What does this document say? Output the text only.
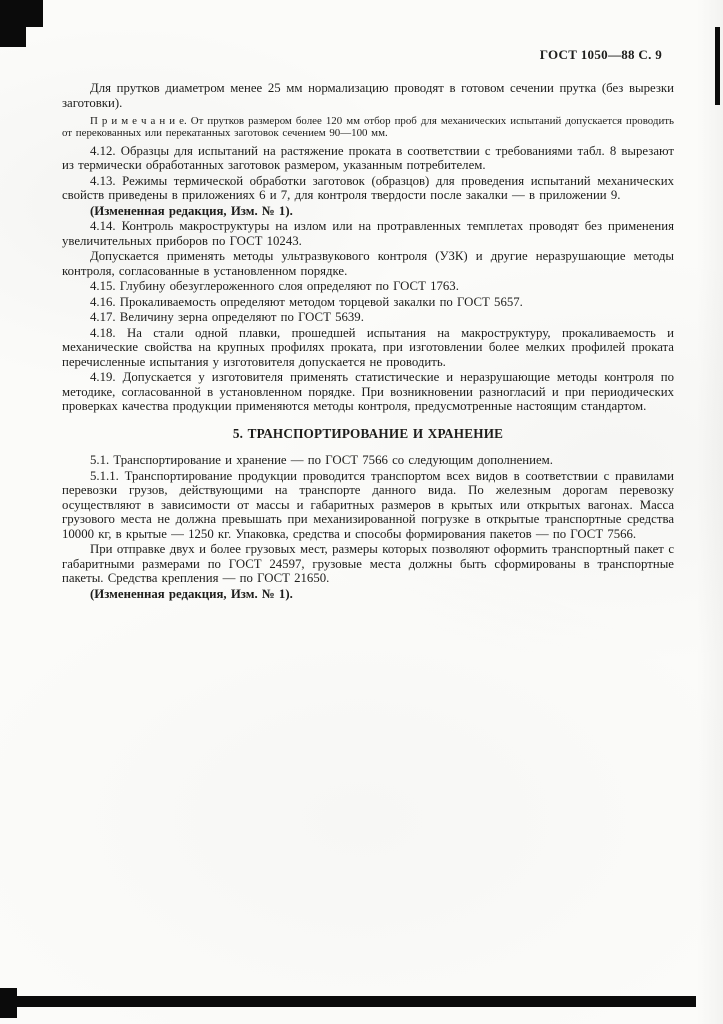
ГОСТ 1050—88 С. 9

Для прутков диаметром менее 25 мм нормализацию проводят в готовом сечении прутка (без вырезки заготовки).

П р и м е ч а н и е. От прутков размером более 120 мм отбор проб для механических испытаний допускается проводить от перекованных или перекатанных заготовок сечением 90—100 мм.

4.12. Образцы для испытаний на растяжение проката в соответствии с требованиями табл. 8 вырезают из термически обработанных заготовок размером, указанным потребителем.

4.13. Режимы термической обработки заготовок (образцов) для проведения испытаний механических свойств приведены в приложениях 6 и 7, для контроля твердости после закалки — в приложении 9.

(Измененная редакция, Изм. № 1).

4.14. Контроль макроструктуры на излом или на протравленных темплетах проводят без применения увеличительных приборов по ГОСТ 10243.

Допускается применять методы ультразвукового контроля (УЗК) и другие неразрушающие методы контроля, согласованные в установленном порядке.

4.15. Глубину обезуглероженного слоя определяют по ГОСТ 1763.

4.16. Прокаливаемость определяют методом торцевой закалки по ГОСТ 5657.

4.17. Величину зерна определяют по ГОСТ 5639.

4.18. На стали одной плавки, прошедшей испытания на макроструктуру, прокаливаемость и механические свойства на крупных профилях проката, при изготовлении более мелких профилей проката перечисленные испытания у изготовителя допускается не проводить.

4.19. Допускается у изготовителя применять статистические и неразрушающие методы контроля по методике, согласованной в установленном порядке. При возникновении разногласий и при периодических проверках качества продукции применяются методы контроля, предусмотренные настоящим стандартом.

5. ТРАНСПОРТИРОВАНИЕ И ХРАНЕНИЕ

5.1. Транспортирование и хранение — по ГОСТ 7566 со следующим дополнением.

5.1.1. Транспортирование продукции проводится транспортом всех видов в соответствии с правилами перевозки грузов, действующими на транспорте данного вида. По железным дорогам перевозку осуществляют в зависимости от массы и габаритных размеров в крытых или открытых вагонах. Масса грузового места не должна превышать при механизированной погрузке в открытые транспортные средства 10000 кг, в крытые — 1250 кг. Упаковка, средства и способы формирования пакетов — по ГОСТ 7566.

При отправке двух и более грузовых мест, размеры которых позволяют оформить транспортный пакет с габаритными размерами по ГОСТ 24597, грузовые места должны быть сформированы в транспортные пакеты. Средства крепления — по ГОСТ 21650.

(Измененная редакция, Изм. № 1).
